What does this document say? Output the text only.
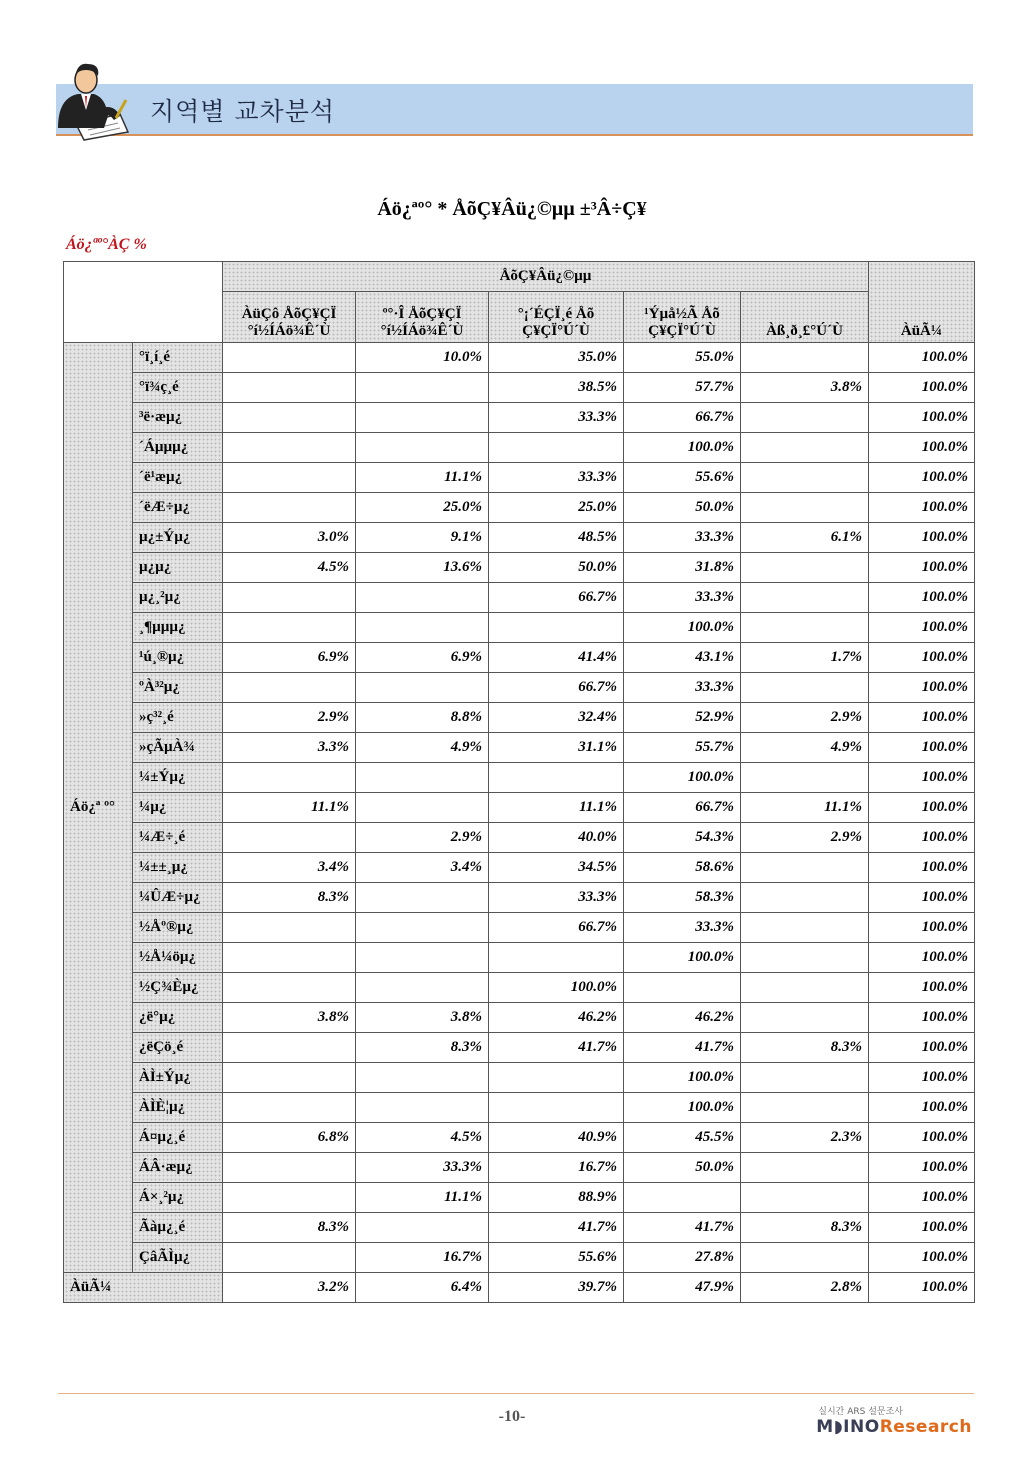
지역별 교차분석
Áö¿ªº° * ÅõÇ¥Âü¿©µµ ±³Â÷Ç¥
Áö¿ªº°ÀÇ %
		ÅõÇ¥Âü¿©µµ					ÀüÃ¼
		ÀüÇô ÅõÇ¥ÇÏ °í½ÍÁö¾Ê´Ù	º°·Î ÅõÇ¥ÇÏ °í½ÍÁö¾Ê´Ù	°¡´ÉÇÏ¸é Åõ Ç¥ÇÏ°Ú´Ù	¹Ýµå½Ã Åõ Ç¥ÇÏ°Ú´Ù	Àß¸ð¸£°Ú´Ù	
Áö¿ª º°	°ï¸í¸é		10.0%	35.0%	55.0%		100.0%
	°ï¾ç¸é			38.5%	57.7%	3.8%	100.0%
	³ë·æµ¿			33.3%	66.7%		100.0%
	´Áµµµ¿				100.0%		100.0%
	´ë¹æµ¿		11.1%	33.3%	55.6%		100.0%
	´ëÆ÷µ¿		25.0%	25.0%	50.0%		100.0%
	µ¿±Ýµ¿	3.0%	9.1%	48.5%	33.3%	6.1%	100.0%
	µ¿µ¿	4.5%	13.6%	50.0%	31.8%		100.0%
	µ¿¸²µ¿			66.7%	33.3%		100.0%
	¸¶µµµ¿				100.0%		100.0%
	¹ú¸®µ¿	6.9%	6.9%	41.4%	43.1%	1.7%	100.0%
	ºÀ³²µ¿			66.7%	33.3%		100.0%
	»ç³²¸é	2.9%	8.8%	32.4%	52.9%	2.9%	100.0%
	»çÃµÀ¾	3.3%	4.9%	31.1%	55.7%	4.9%	100.0%
	¼±Ýµ¿				100.0%		100.0%
	¼µ¿	11.1%		11.1%	66.7%	11.1%	100.0%
	¼Æ÷¸é		2.9%	40.0%	54.3%	2.9%	100.0%
	¼±±¸µ¿	3.4%	3.4%	34.5%	58.6%		100.0%
	¼ÛÆ÷µ¿	8.3%		33.3%	58.3%		100.0%
	½Åº®µ¿			66.7%	33.3%		100.0%
	½Å¼öµ¿				100.0%		100.0%
	½Ç¾Èµ¿			100.0%			100.0%
	¿ë°µ¿	3.8%	3.8%	46.2%	46.2%		100.0%
	¿ëÇö¸é		8.3%	41.7%	41.7%	8.3%	100.0%
	ÀÌ±Ýµ¿				100.0%		100.0%
	ÀÌÈ¦µ¿				100.0%		100.0%
	Á¤µ¿¸é	6.8%	4.5%	40.9%	45.5%	2.3%	100.0%
	ÁÂ·æµ¿		33.3%	16.7%	50.0%		100.0%
	Á×¸²µ¿		11.1%	88.9%			100.0%
	Ãàµ¿¸é	8.3%		41.7%	41.7%	8.3%	100.0%
	ÇâÃÌµ¿		16.7%	55.6%	27.8%		100.0%
ÀüÃ¼		3.2%	6.4%	39.7%	47.9%	2.8%	100.0%
-10-	실시간 ARS 설문조사
M◗INOResearch
